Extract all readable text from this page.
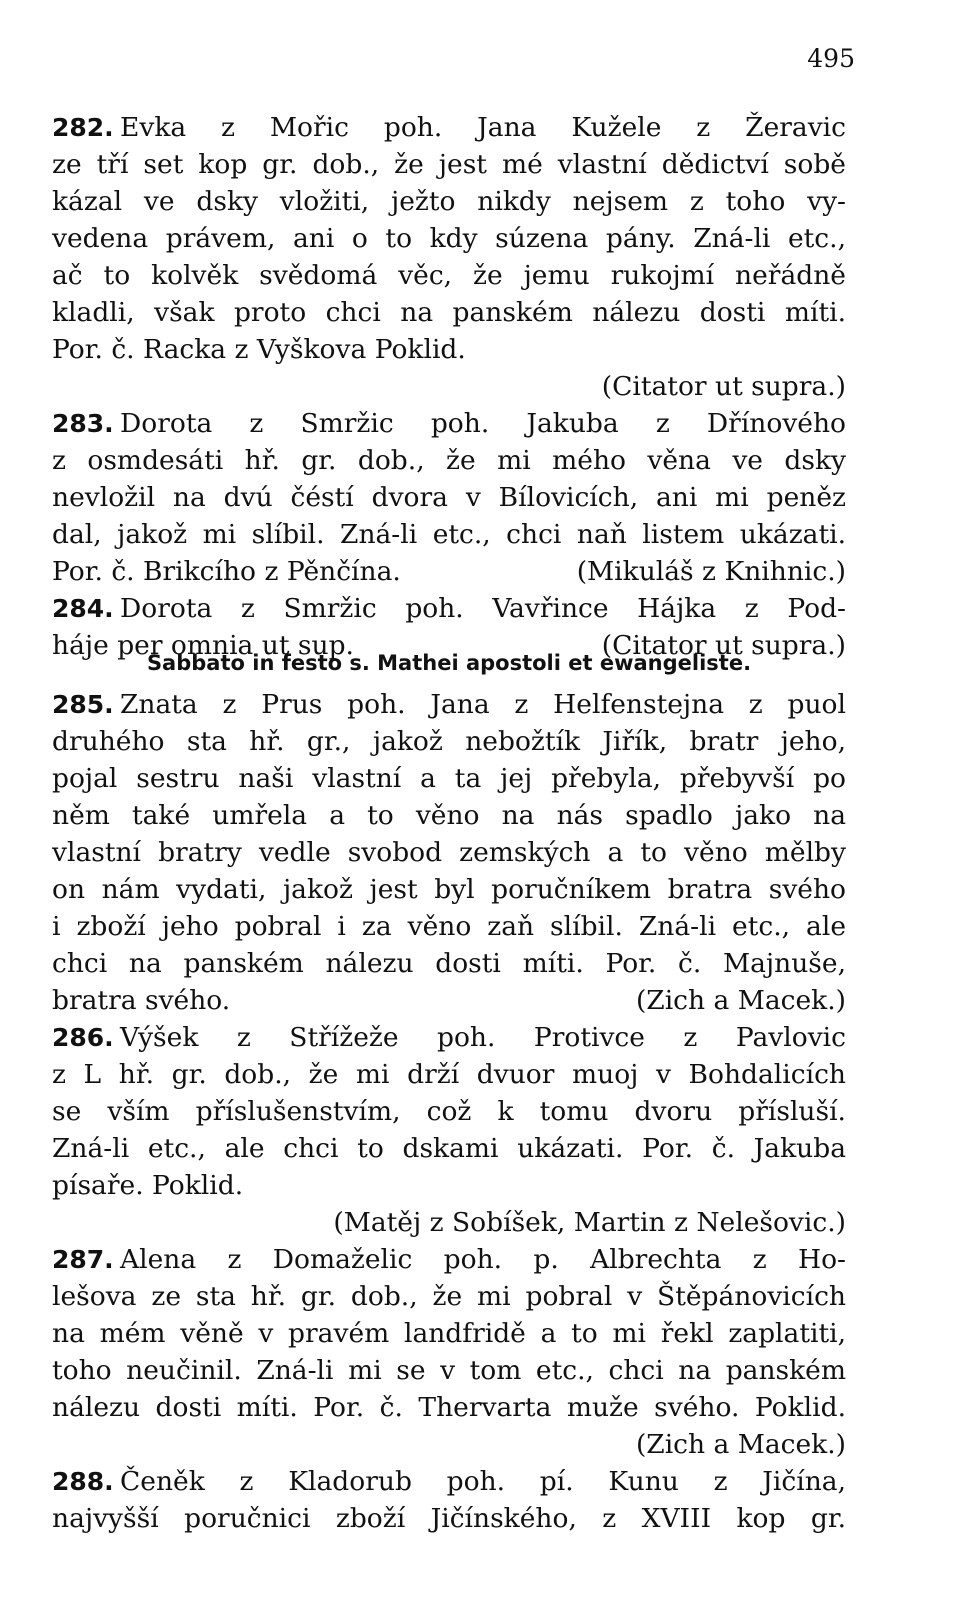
495
282. Evka z Mořic poh. Jana Kužele z Žeravic
ze tří set kop gr. dob., že jest mé vlastní dědictví sobě
kázal ve dsky vložiti, ježto nikdy nejsem z toho vy-
vedena právem, ani o to kdy súzena pány. Zná-li etc.,
ač to kolvěk svědomá věc, že jemu rukojmí neřádně
kladli, však proto chci na panském nálezu dosti míti.
Por. č. Racka z Vyškova Poklid.
(Citator ut supra.)
283. Dorota z Smržic poh. Jakuba z Dřínového
z osmdesáti hř. gr. dob., že mi mého věna ve dsky
nevložil na dvú čéstí dvora v Bílovicích, ani mi peněz
dal, jakož mi slíbil. Zná-li etc., chci naň listem ukázati.
Por. č. Brikcího z Pěnčína.	(Mikuláš z Knihnic.)
284. Dorota z Smržic poh. Vavřince Hájka z Pod-
háje per omnia ut sup.	(Citator ut supra.)
Sabbato in festo s. Mathei apostoli et ewangeliste.
285. Znata z Prus poh. Jana z Helfenstejna z puol
druhého sta hř. gr., jakož nebožtík Jiřík, bratr jeho,
pojal sestru naši vlastní a ta jej přebyla, přebyvší po
něm také umřela a to věno na nás spadlo jako na
vlastní bratry vedle svobod zemských a to věno mělby
on nám vydati, jakož jest byl poručníkem bratra svého
i zboží jeho pobral i za věno zaň slíbil. Zná-li etc., ale
chci na panském nálezu dosti míti. Por. č. Majnuše,
bratra svého.	(Zich a Macek.)
286. Výšek z Střížeže poh. Protivce z Pavlovic
z L hř. gr. dob., že mi drží dvuor muoj v Bohdalicích
se vším příslušenstvím, což k tomu dvoru přísluší.
Zná-li etc., ale chci to dskami ukázati. Por. č. Jakuba
písaře. Poklid.
(Matěj z Sobíšek, Martin z Nelešovic.)
287. Alena z Domaželic poh. p. Albrechta z Ho-
lešova ze sta hř. gr. dob., že mi pobral v Štěpánovicích
na mém věně v pravém landfridě a to mi řekl zaplatiti,
toho neučinil. Zná-li mi se v tom etc., chci na panském
nálezu dosti míti. Por. č. Thervarta muže svého. Poklid.
(Zich a Macek.)
288. Čeněk z Kladorub poh. pí. Kunu z Jičína,
najvyšší poručnici zboží Jičínského, z XVIII kop gr.
